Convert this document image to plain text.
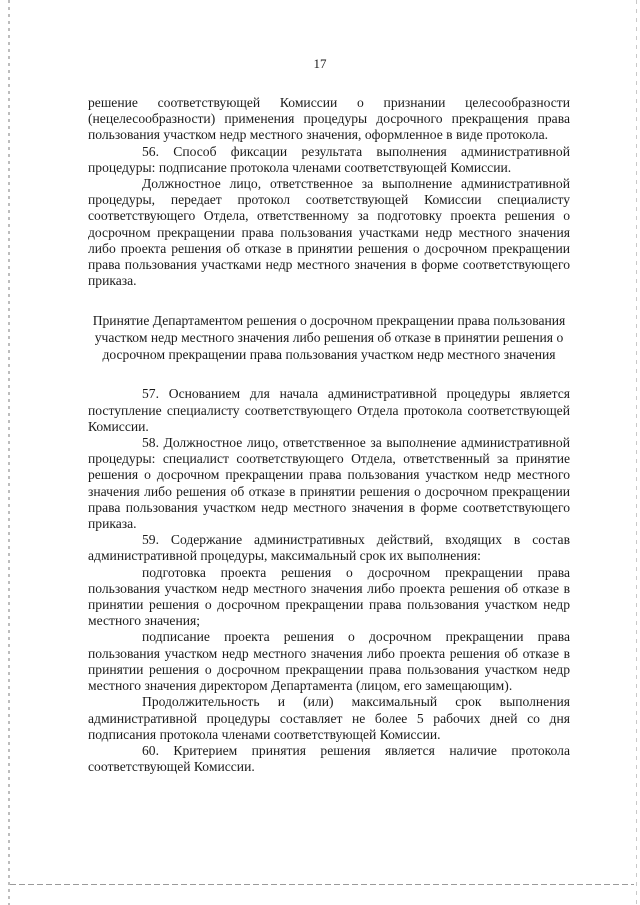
17

решение соответствующей Комиссии о признании целесообразности (нецелесообразности) применения процедуры досрочного прекращения права пользования участком недр местного значения, оформленное в виде протокола.

56. Способ фиксации результата выполнения административной процедуры: подписание протокола членами соответствующей Комиссии.

Должностное лицо, ответственное за выполнение административной процедуры, передает протокол соответствующей Комиссии специалисту соответствующего Отдела, ответственному за подготовку проекта решения о досрочном прекращении права пользования участками недр местного значения либо проекта решения об отказе в принятии решения о досрочном прекращении права пользования участками недр местного значения в форме соответствующего приказа.

Принятие Департаментом решения о досрочном прекращении права пользования участком недр местного значения либо решения об отказе в принятии решения о досрочном прекращении права пользования участком недр местного значения

57. Основанием для начала административной процедуры является поступление специалисту соответствующего Отдела протокола соответствующей Комиссии.

58. Должностное лицо, ответственное за выполнение административной процедуры: специалист соответствующего Отдела, ответственный за принятие решения о досрочном прекращении права пользования участком недр местного значения либо решения об отказе в принятии решения о досрочном прекращении права пользования участком недр местного значения в форме соответствующего приказа.

59. Содержание административных действий, входящих в состав административной процедуры, максимальный срок их выполнения:

подготовка проекта решения о досрочном прекращении права пользования участком недр местного значения либо проекта решения об отказе в принятии решения о досрочном прекращении права пользования участком недр местного значения;

подписание проекта решения о досрочном прекращении права пользования участком недр местного значения либо проекта решения об отказе в принятии решения о досрочном прекращении права пользования участком недр местного значения директором Департамента (лицом, его замещающим).

Продолжительность и (или) максимальный срок выполнения административной процедуры составляет не более 5 рабочих дней со дня подписания протокола членами соответствующей Комиссии.

60. Критерием принятия решения является наличие протокола соответствующей Комиссии.
